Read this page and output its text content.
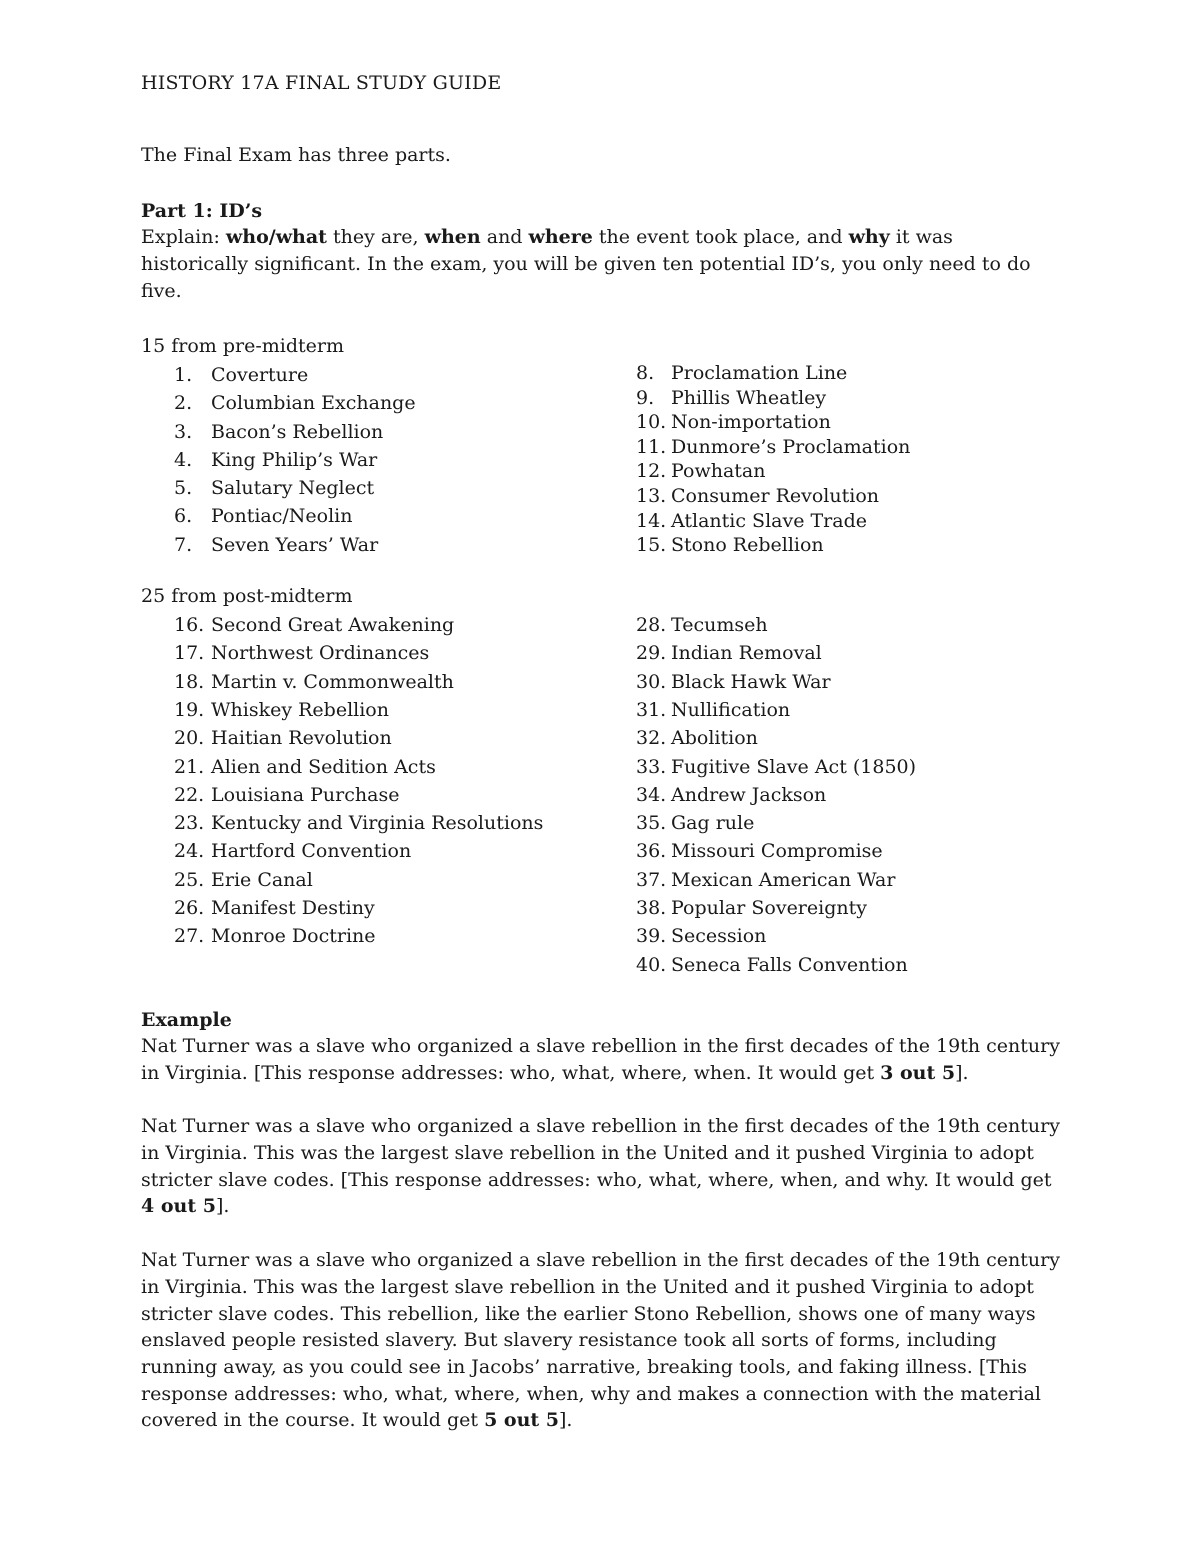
HISTORY 17A FINAL STUDY GUIDE
The Final Exam has three parts.
Part 1: ID’s

Explain: who/what they are, when and where the event took place, and why it was historically significant. In the exam, you will be given ten potential ID’s, you only need to do five.

15 from pre-midterm
1. Coverture
2. Columbian Exchange
3. Bacon’s Rebellion
4. King Philip’s War
5. Salutary Neglect
6. Pontiac/Neolin
7. Seven Years’ War
8. Proclamation Line
9. Phillis Wheatley
10. Non-importation
11. Dunmore’s Proclamation
12. Powhatan
13. Consumer Revolution
14. Atlantic Slave Trade
15. Stono Rebellion
25 from post-midterm
16. Second Great Awakening
17. Northwest Ordinances
18. Martin v. Commonwealth
19. Whiskey Rebellion
20. Haitian Revolution
21. Alien and Sedition Acts
22. Louisiana Purchase
23. Kentucky and Virginia Resolutions
24. Hartford Convention
25. Erie Canal
26. Manifest Destiny
27. Monroe Doctrine
28. Tecumseh
29. Indian Removal
30. Black Hawk War
31. Nullification
32. Abolition
33. Fugitive Slave Act (1850)
34. Andrew Jackson
35. Gag rule
36. Missouri Compromise
37. Mexican American War
38. Popular Sovereignty
39. Secession
40. Seneca Falls Convention
Example

Nat Turner was a slave who organized a slave rebellion in the first decades of the 19th century in Virginia. [This response addresses: who, what, where, when. It would get 3 out 5].

Nat Turner was a slave who organized a slave rebellion in the first decades of the 19th century in Virginia. This was the largest slave rebellion in the United and it pushed Virginia to adopt stricter slave codes. [This response addresses: who, what, where, when, and why. It would get 4 out 5].

Nat Turner was a slave who organized a slave rebellion in the first decades of the 19th century in Virginia. This was the largest slave rebellion in the United and it pushed Virginia to adopt stricter slave codes. This rebellion, like the earlier Stono Rebellion, shows one of many ways enslaved people resisted slavery. But slavery resistance took all sorts of forms, including running away, as you could see in Jacobs’ narrative, breaking tools, and faking illness. [This response addresses: who, what, where, when, why and makes a connection with the material covered in the course. It would get 5 out 5].
